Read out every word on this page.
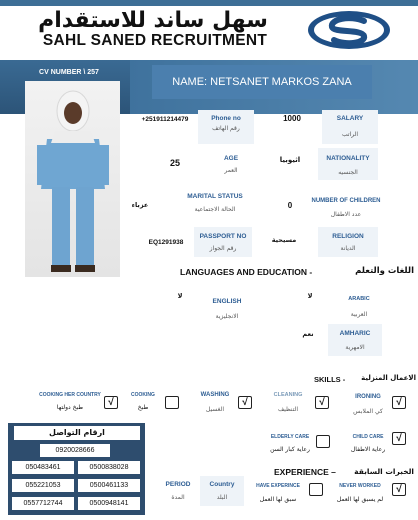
سهل ساند للاستقدام
SAHL SANED RECRUITMENT
CV NUMBER \ 257
NAME: NETSANET MARKOS ZANA
+251911214479	Phone no
رقم الهاتف
1000	SALARY
الراتب
25	AGE
العمر
اثيوبيا	NATIONALITY
الجنسيه
عزباء
MARITAL STATUS
الحالة الاجتماعية	0	NUMBER OF CHILDREN
عدد الاطفال
EQ1291938
PASSPORT NO
رقم الجواز
مسيحية	RELIGION
الديانة
LANGUAGES AND EDUCATION -	اللغات والتعلم
لا
ENGLISH
الانجليزية
لا	ARABIC
العربية
نعم	AMHARIC
الامهرية
SKILLS -	الاعمال المنزلية
COOKING HER COUNTRY
طبخ دولتها	√
COOKING
طبخ
WASHING
الغسيل
√
CLEANING
التنظيف
√	IRONING
كي الملابس
√
ELDERLY CARE
رعاية كبار السن
CHILD CARE
رعاية الاطفال
√
ارقام التواصل
0920028666
050483461	0500838028
055221053	0500461133
0557712744	0500948141
EXPERIENCE –	الخبرات السابقة
PERIOD
المدة
Country
البلد
HAVE EXPERINCE
سبق لها العمل
NEVER WORKED
لم يسبق لها العمل
√
